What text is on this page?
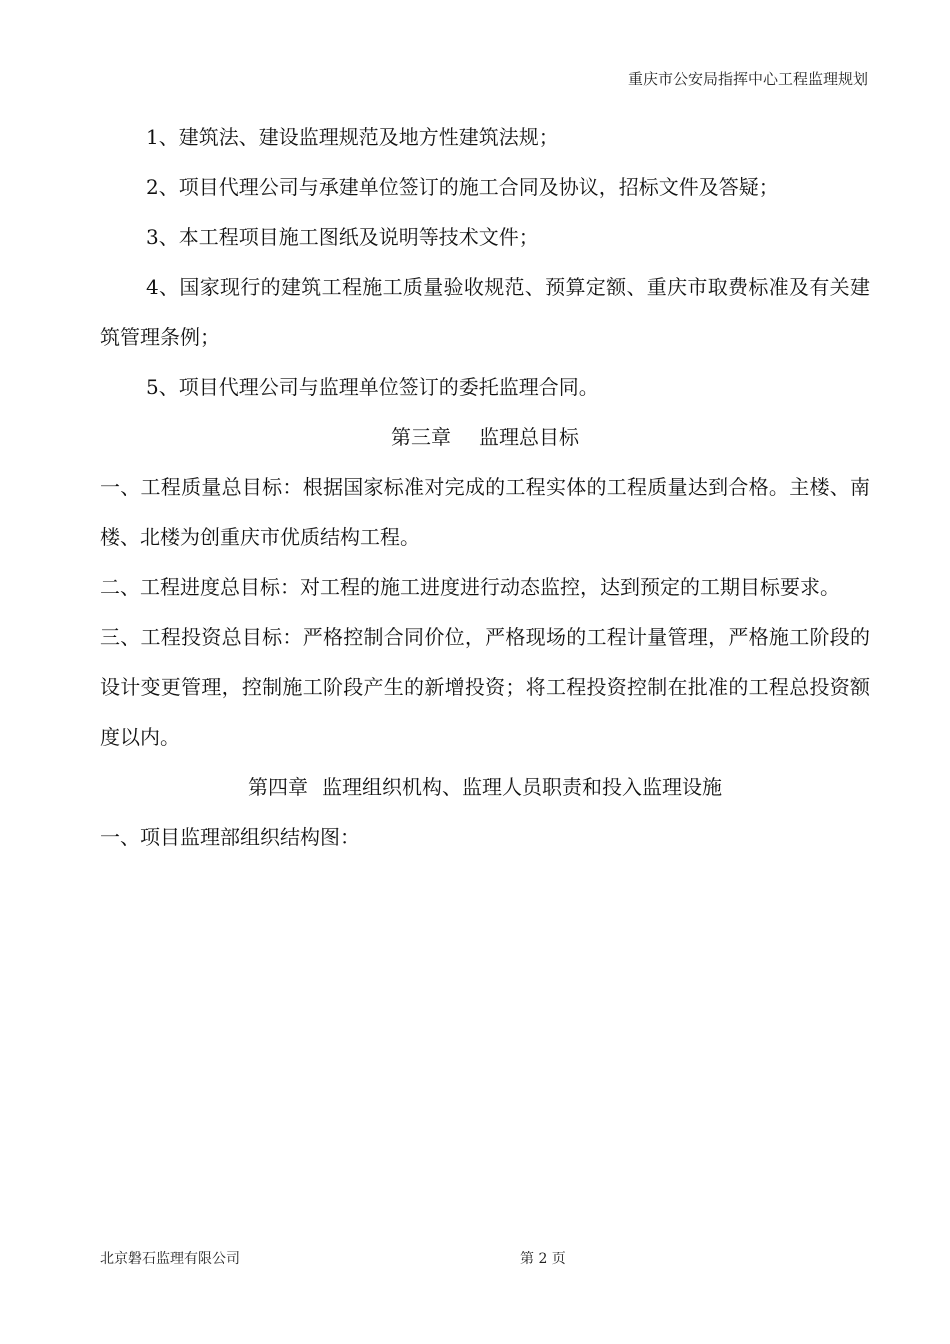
重庆市公安局指挥中心工程监理规划

1、建筑法、建设监理规范及地方性建筑法规；

2、项目代理公司与承建单位签订的施工合同及协议，招标文件及答疑；

3、本工程项目施工图纸及说明等技术文件；

4、国家现行的建筑工程施工质量验收规范、预算定额、重庆市取费标准及有关建筑管理条例；

5、项目代理公司与监理单位签订的委托监理合同。

第三章 监理总目标

一、工程质量总目标：根据国家标准对完成的工程实体的工程质量达到合格。主楼、南楼、北楼为创重庆市优质结构工程。

二、工程进度总目标：对工程的施工进度进行动态监控，达到预定的工期目标要求。

三、工程投资总目标：严格控制合同价位，严格现场的工程计量管理，严格施工阶段的设计变更管理，控制施工阶段产生的新增投资；将工程投资控制在批准的工程总投资额度以内。

第四章 监理组织机构、监理人员职责和投入监理设施

一、项目监理部组织结构图：

北京磐石监理有限公司	第 2 页
